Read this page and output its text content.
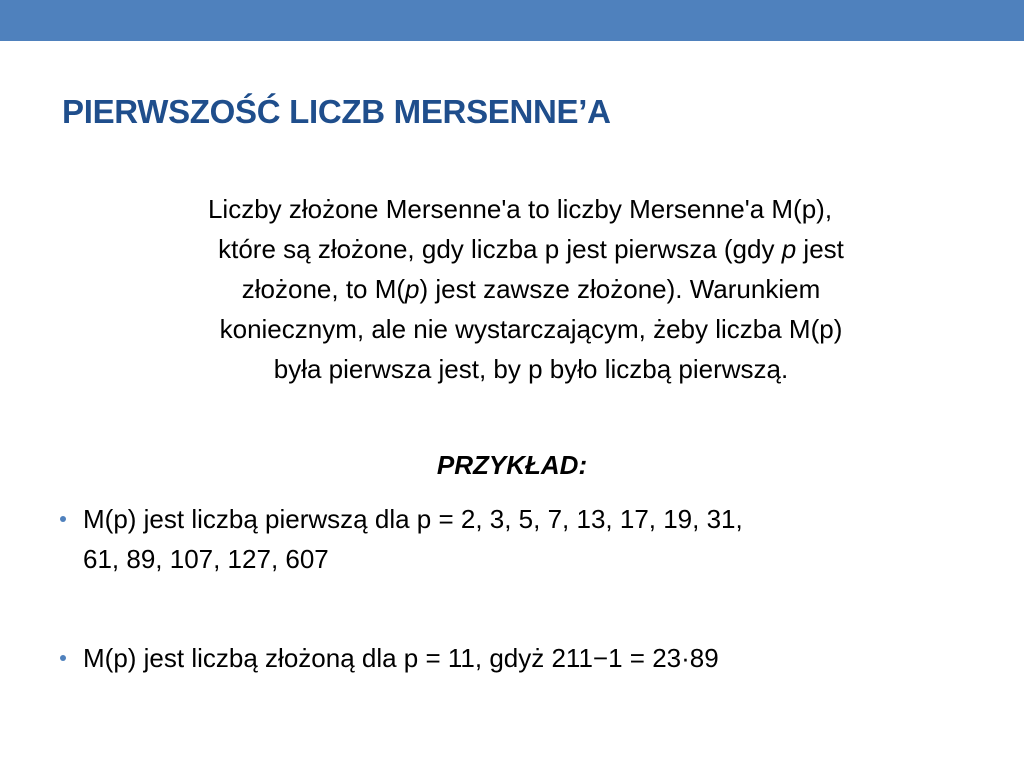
PIERWSZOŚĆ LICZB MERSENNE’A

Liczby złożone Mersenne'a to liczby Mersenne'a M(p),
które są złożone, gdy liczba p jest pierwsza (gdy p jest
złożone, to M(p) jest zawsze złożone). Warunkiem
koniecznym, ale nie wystarczającym, żeby liczba M(p)
była pierwsza jest, by p było liczbą pierwszą.

PRZYKŁAD:

M(p) jest liczbą pierwszą dla p = 2, 3, 5, 7, 13, 17, 19, 31,
61, 89, 107, 127, 607
M(p) jest liczbą złożoną dla p = 11, gdyż 211−1 = 23·89
